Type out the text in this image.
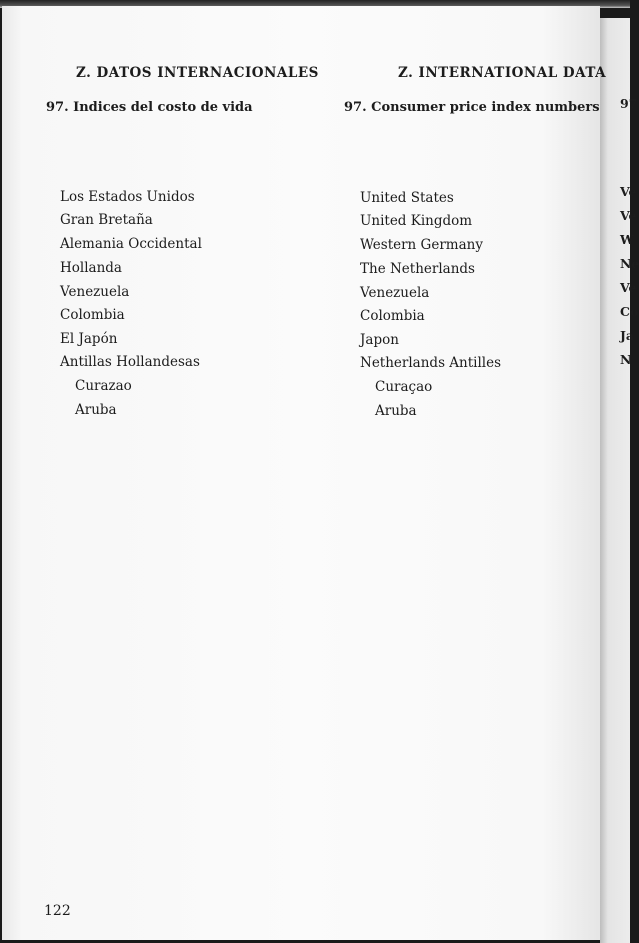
97
Z. DATOS INTERNACIONALES	Z. INTERNATIONAL DATA
97. Indices del costo de vida	97. Consumer price index numbers
Los Estados Unidos
Gran Bretaña
Alemania Occidental
Hollanda
Venezuela
Colombia
El Japón
Antillas Hollandesas
Curazao
Aruba
United States
United Kingdom
Western Germany
The Netherlands
Venezuela
Colombia
Japon
Netherlands Antilles
Curaçao
Aruba
Ve
Ve
W
Ne
Ve
Co
Ja
N
122
